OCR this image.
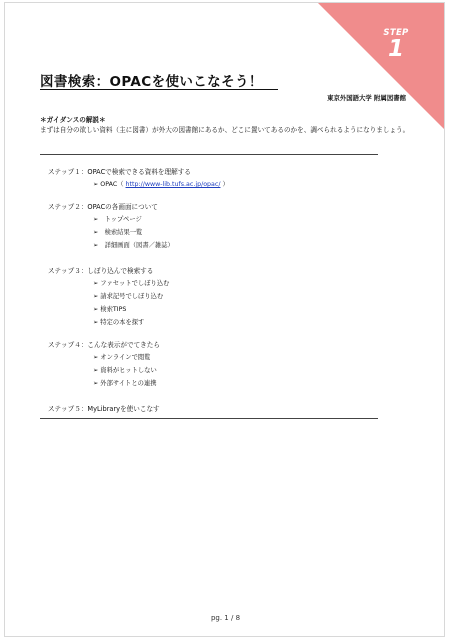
STEP
1
図書検索：OPACを使いこなそう！
東京外国語大学 附属図書館
＊ガイダンスの解説＊
まずは自分の欲しい資料（主に図書）が外大の図書館にあるか、どこに置いてあるのかを、調べられるようになりましょう。
ステップ１：OPACで検索できる資料を理解する
➢ OPAC（ http://www-lib.tufs.ac.jp/opac/ ）
ステップ２：OPACの各画面について
➢　トップページ
➢　検索結果一覧
➢　詳細画面（図書／雑誌）
ステップ３：しぼり込んで検索する
➢ ファセットでしぼり込む
➢ 請求記号でしぼり込む
➢ 検索TIPS
➢ 特定の本を探す
ステップ４：こんな表示がでてきたら
➢ オンラインで閲覧
➢ 資料がヒットしない
➢ 外部サイトとの連携
ステップ５：MyLibraryを使いこなす
pg. 1 / 8
